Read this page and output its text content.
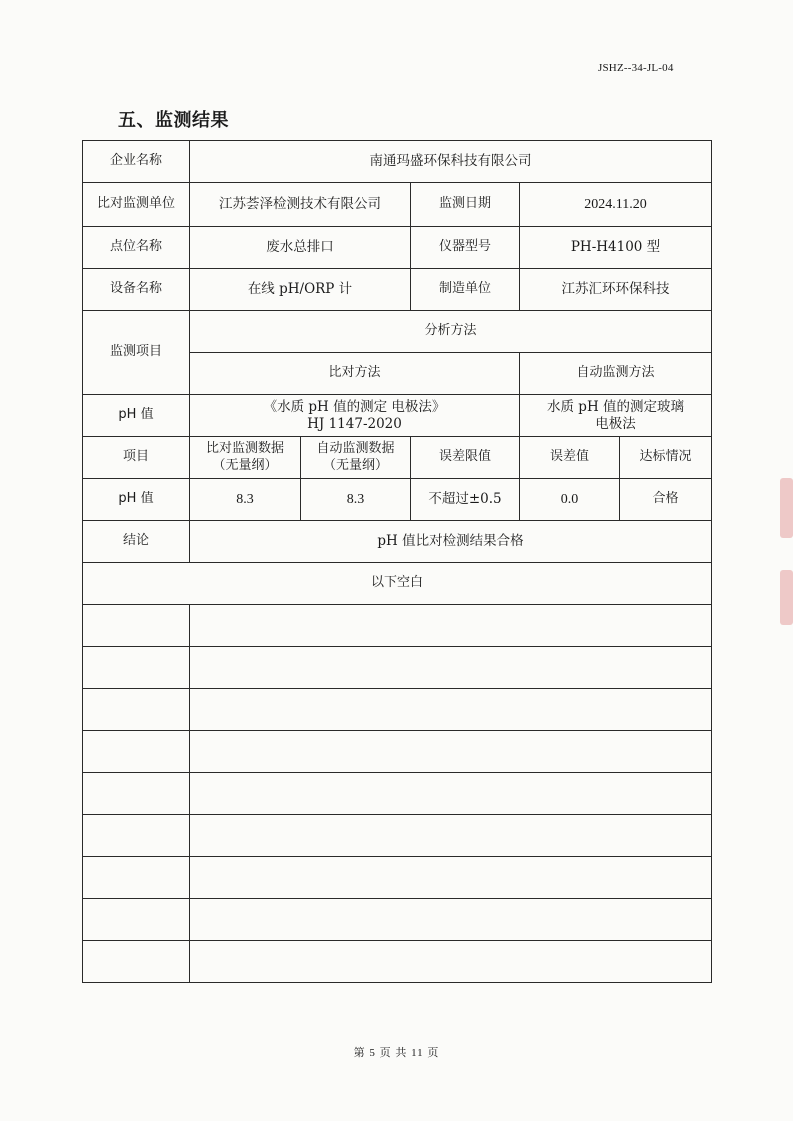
JSHZ--34-JL-04
五、监测结果
企业名称	南通玛盛环保科技有限公司				
比对监测单位	江苏荟泽检测技术有限公司		监测日期	2024.11.20	
点位名称	废水总排口		仪器型号	PH-H4100 型	
设备名称	在线 pH/ORP 计		制造单位	江苏汇环环保科技	
监测项目	分析方法				
	比对方法			自动监测方法	
pH 值	《水质 pH 值的测定 电极法》HJ 1147-2020			水质 pH 值的测定玻璃电极法	
项目	比对监测数据（无量纲）	自动监测数据（无量纲）	误差限值	误差值	达标情况
pH 值	8.3	8.3	不超过±0.5	0.0	合格
结论	pH 值比对检测结果合格				
以下空白					

第 5 页 共 11 页
